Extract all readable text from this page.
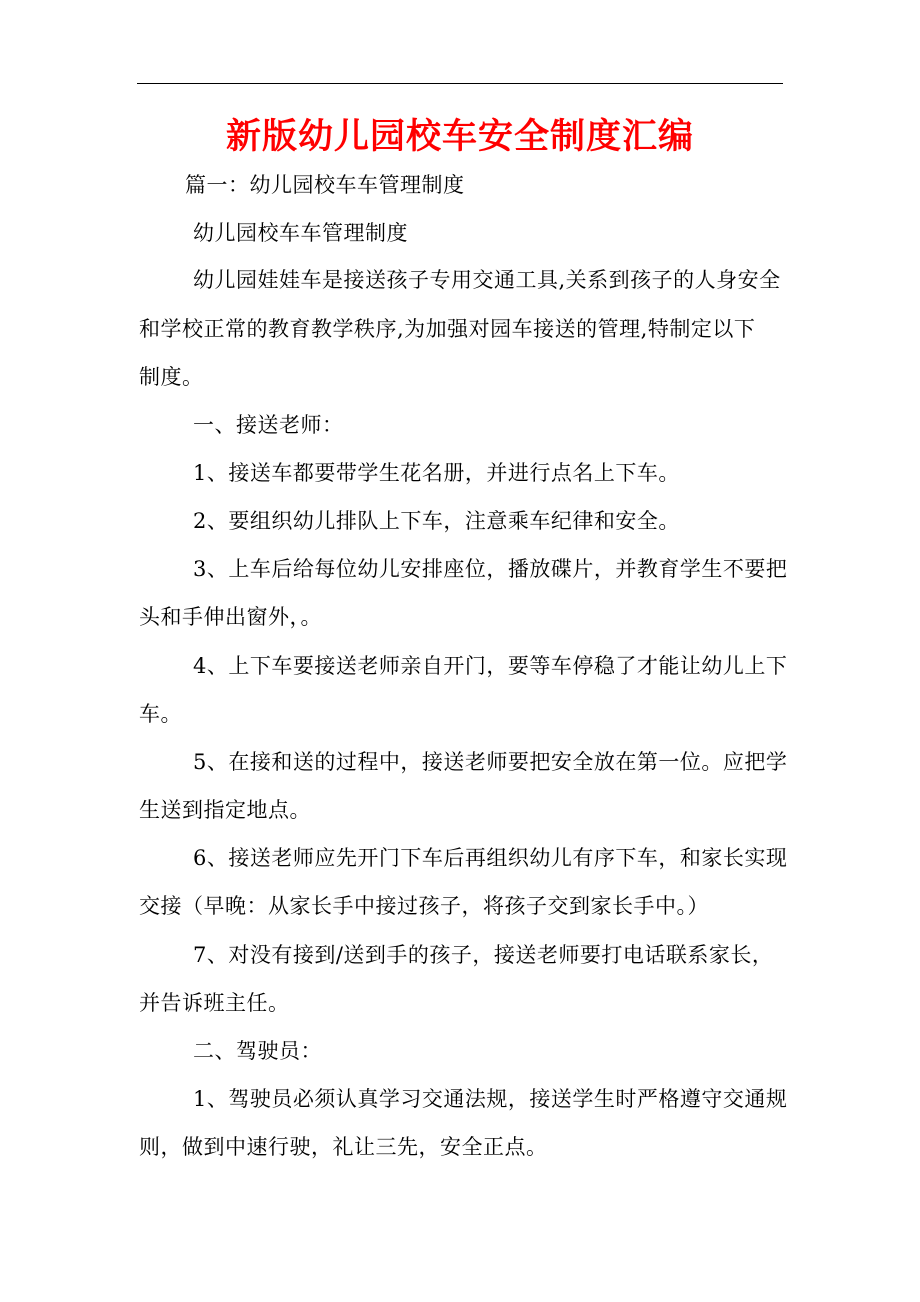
新版幼儿园校车安全制度汇编
篇一：幼儿园校车车管理制度
幼儿园校车车管理制度
幼儿园娃娃车是接送孩子专用交通工具,关系到孩子的人身安全
和学校正常的教育教学秩序,为加强对园车接送的管理,特制定以下
制度。
一、接送老师：
1、接送车都要带学生花名册，并进行点名上下车。
2、要组织幼儿排队上下车，注意乘车纪律和安全。
3、上车后给每位幼儿安排座位，播放碟片，并教育学生不要把
头和手伸出窗外，。
4、上下车要接送老师亲自开门，要等车停稳了才能让幼儿上下
车。
5、在接和送的过程中，接送老师要把安全放在第一位。应把学
生送到指定地点。
6、接送老师应先开门下车后再组织幼儿有序下车，和家长实现
交接（早晚：从家长手中接过孩子，将孩子交到家长手中。）
7、对没有接到/送到手的孩子，接送老师要打电话联系家长，
并告诉班主任。
二、驾驶员：
1、驾驶员必须认真学习交通法规，接送学生时严格遵守交通规
则，做到中速行驶，礼让三先，安全正点。
